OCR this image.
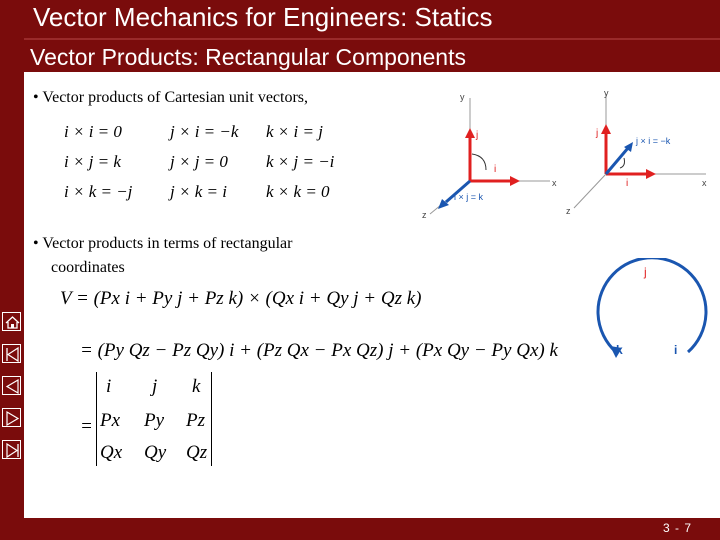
Vector Mechanics for Engineers: Statics
Vector Products: Rectangular Components
• Vector products of Cartesian unit vectors,
i × i = 0	j × i = −k k × i = j
i × j = k	j × j = 0 k × j = −i
i × k = −j j × k = i k × k = 0
y
x
z
j
i
i × j = k
y
x
z
j
i
j × i = −k
• Vector products in terms of rectangular
coordinates
V = (Px i + Py j + Pz k) × (Qx i + Qy j + Qz k)
= (Py Qz − Pz Qy) i + (Pz Qx − Px Qz) j + (Px Qy − Py Qx) k
=
i j k
Px Py Pz
Qx Qy Qz
j
k	i
3 - 7
